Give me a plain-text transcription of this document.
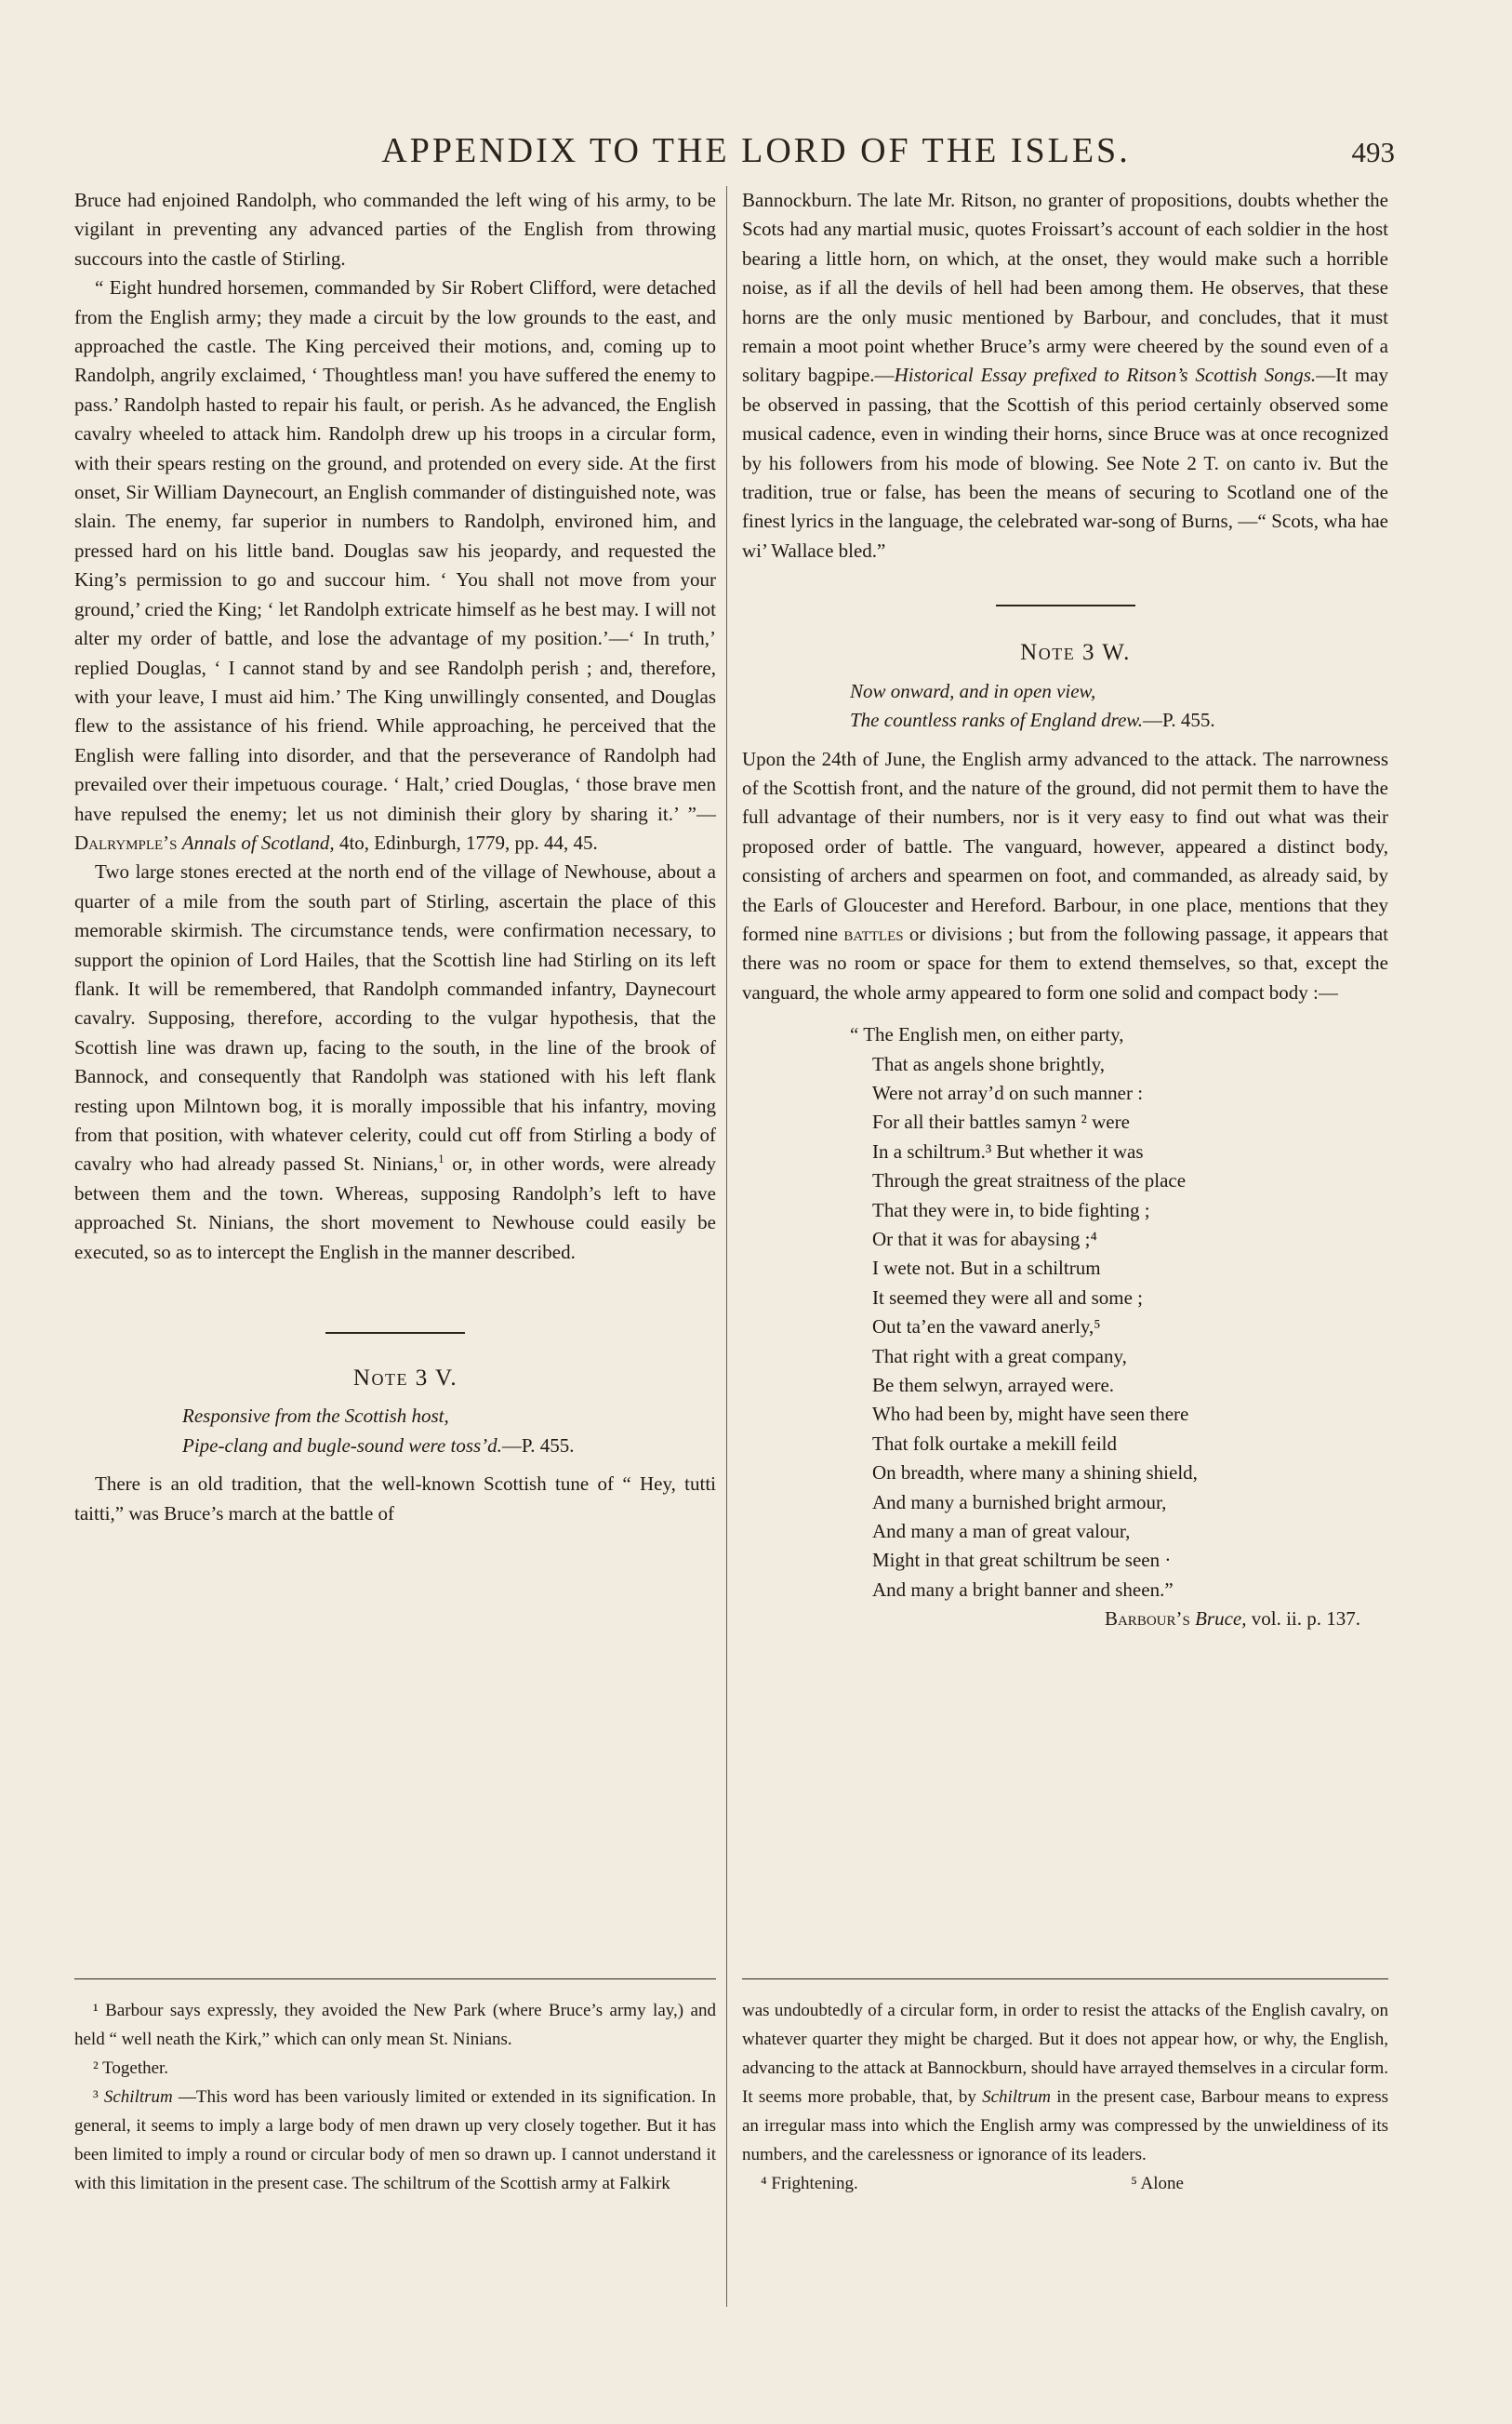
APPENDIX TO THE LORD OF THE ISLES.	493

Bruce had enjoined Randolph, who commanded the left wing of his army, to be vigilant in preventing any advanced parties of the English from throwing succours into the castle of Stirling.

“ Eight hundred horsemen, commanded by Sir Robert Clifford, were detached from the English army; they made a circuit by the low grounds to the east, and approached the castle. The King perceived their motions, and, coming up to Randolph, angrily exclaimed, ‘ Thoughtless man! you have suffered the enemy to pass.’ Randolph hasted to repair his fault, or perish. As he advanced, the English cavalry wheeled to attack him. Randolph drew up his troops in a circular form, with their spears resting on the ground, and protended on every side. At the first onset, Sir William Daynecourt, an English commander of distinguished note, was slain. The enemy, far superior in numbers to Randolph, environed him, and pressed hard on his little band. Douglas saw his jeopardy, and requested the King’s permission to go and succour him. ‘ You shall not move from your ground,’ cried the King; ‘ let Randolph extricate himself as he best may. I will not alter my order of battle, and lose the advantage of my position.’—‘ In truth,’ replied Douglas, ‘ I cannot stand by and see Randolph perish ; and, therefore, with your leave, I must aid him.’ The King unwillingly consented, and Douglas flew to the assistance of his friend. While approaching, he perceived that the English were falling into disorder, and that the perseverance of Randolph had prevailed over their impetuous courage. ‘ Halt,’ cried Douglas, ‘ those brave men have repulsed the enemy; let us not diminish their glory by sharing it.’ ”—Dalrymple’s Annals of Scotland, 4to, Edinburgh, 1779, pp. 44, 45.

Two large stones erected at the north end of the village of Newhouse, about a quarter of a mile from the south part of Stirling, ascertain the place of this memorable skirmish. The circumstance tends, were confirmation necessary, to support the opinion of Lord Hailes, that the Scottish line had Stirling on its left flank. It will be remembered, that Randolph commanded infantry, Daynecourt cavalry. Supposing, therefore, according to the vulgar hypothesis, that the Scottish line was drawn up, facing to the south, in the line of the brook of Bannock, and consequently that Randolph was stationed with his left flank resting upon Milntown bog, it is morally impossible that his infantry, moving from that position, with whatever celerity, could cut off from Stirling a body of cavalry who had already passed St. Ninians,$^1$ or, in other words, were already between them and the town. Whereas, supposing Randolph’s left to have approached St. Ninians, the short movement to Newhouse could easily be executed, so as to intercept the English in the manner described.

Note 3 V.

Responsive from the Scottish host,

Pipe-clang and bugle-sound were toss’d.—P. 455.

There is an old tradition, that the well-known Scottish tune of “ Hey, tutti taitti,” was Bruce’s march at the battle of

Bannockburn. The late Mr. Ritson, no granter of propositions, doubts whether the Scots had any martial music, quotes Froissart’s account of each soldier in the host bearing a little horn, on which, at the onset, they would make such a horrible noise, as if all the devils of hell had been among them. He observes, that these horns are the only music mentioned by Barbour, and concludes, that it must remain a moot point whether Bruce’s army were cheered by the sound even of a solitary bagpipe.—Historical Essay prefixed to Ritson’s Scottish Songs.—It may be observed in passing, that the Scottish of this period certainly observed some musical cadence, even in winding their horns, since Bruce was at once recognized by his followers from his mode of blowing. See Note 2 T. on canto iv. But the tradition, true or false, has been the means of securing to Scotland one of the finest lyrics in the language, the celebrated war-song of Burns, —“ Scots, wha hae wi’ Wallace bled.”

Note 3 W.

Now onward, and in open view,

The countless ranks of England drew.—P. 455.

Upon the 24th of June, the English army advanced to the attack. The narrowness of the Scottish front, and the nature of the ground, did not permit them to have the full advantage of their numbers, nor is it very easy to find out what was their proposed order of battle. The vanguard, however, appeared a distinct body, consisting of archers and spearmen on foot, and commanded, as already said, by the Earls of Gloucester and Hereford. Barbour, in one place, mentions that they formed nine battles or divisions ; but from the following passage, it appears that there was no room or space for them to extend themselves, so that, except the vanguard, the whole army appeared to form one solid and compact body :—

“ The English men, on either party,
That as angels shone brightly,
Were not array’d on such manner :
For all their battles samyn ² were
In a schiltrum.³ But whether it was
Through the great straitness of the place
That they were in, to bide fighting ;
Or that it was for abaysing ;⁴
I wete not. But in a schiltrum
It seemed they were all and some ;
Out ta’en the vaward anerly,⁵
That right with a great company,
Be them selwyn, arrayed were.
Who had been by, might have seen there
That folk ourtake a mekill feild
On breadth, where many a shining shield,
And many a burnished bright armour,
And many a man of great valour,
Might in that great schiltrum be seen ·
And many a bright banner and sheen.”

Barbour’s Bruce, vol. ii. p. 137.

¹ Barbour says expressly, they avoided the New Park (where Bruce’s army lay,) and held “ well neath the Kirk,” which can only mean St. Ninians.

² Together.

³ Schiltrum —This word has been variously limited or extended in its signification. In general, it seems to imply a large body of men drawn up very closely together. But it has been limited to imply a round or circular body of men so drawn up. I cannot understand it with this limitation in the present case. The schiltrum of the Scottish army at Falkirk

was undoubtedly of a circular form, in order to resist the attacks of the English cavalry, on whatever quarter they might be charged. But it does not appear how, or why, the English, advancing to the attack at Bannockburn, should have arrayed themselves in a circular form. It seems more probable, that, by Schiltrum in the present case, Barbour means to express an irregular mass into which the English army was compressed by the unwieldiness of its numbers, and the carelessness or ignorance of its leaders.

⁴ Frightening.	⁵ Alone
